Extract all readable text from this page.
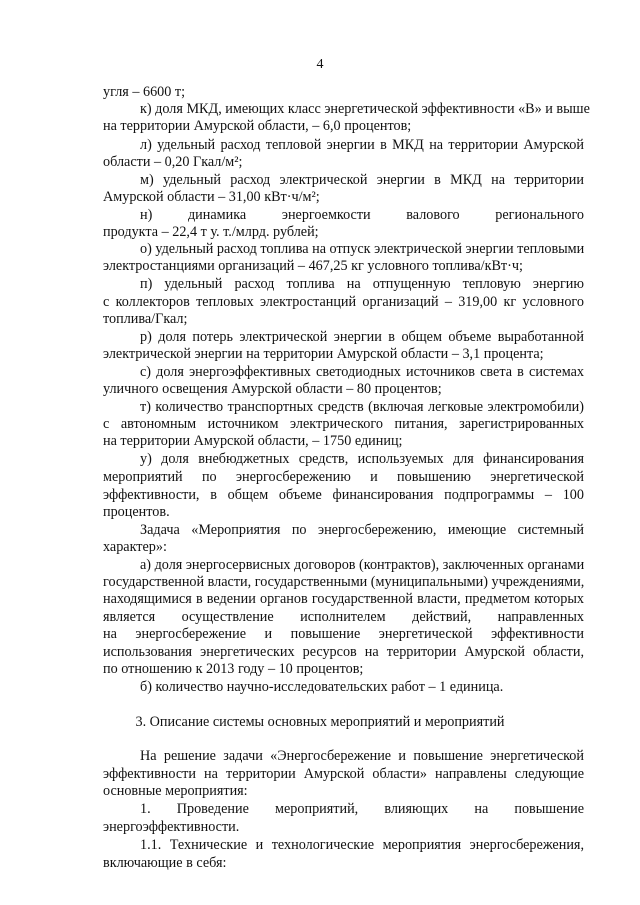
4
угля – 6600 т;
к) доля МКД, имеющих класс энергетической эффективности «В» и выше
на территории Амурской области, – 6,0 процентов;
л) удельный расход тепловой энергии в МКД на территории Амурской
области – 0,20 Гкал/м²;
м) удельный расход электрической энергии в МКД на территории
Амурской области – 31,00 кВт·ч/м²;
н) динамика энергоемкости валового регионального
продукта – 22,4 т у. т./млрд. рублей;
о) удельный расход топлива на отпуск электрической энергии тепловыми
электростанциями организаций – 467,25 кг условного топлива/кВт·ч;
п) удельный расход топлива на отпущенную тепловую энергию
с коллекторов тепловых электростанций организаций – 319,00 кг условного
топлива/Гкал;
р) доля потерь электрической энергии в общем объеме выработанной
электрической энергии на территории Амурской области – 3,1 процента;
с) доля энергоэффективных светодиодных источников света в системах
уличного освещения Амурской области – 80 процентов;
т) количество транспортных средств (включая легковые электромобили)
с автономным источником электрического питания, зарегистрированных
на территории Амурской области, – 1750 единиц;
у) доля внебюджетных средств, используемых для финансирования
мероприятий по энергосбережению и повышению энергетической
эффективности, в общем объеме финансирования подпрограммы – 100
процентов.
Задача «Мероприятия по энергосбережению, имеющие системный
характер»:
а) доля энергосервисных договоров (контрактов), заключенных органами
государственной власти, государственными (муниципальными) учреждениями,
находящимися в ведении органов государственной власти, предметом которых
является осуществление исполнителем действий, направленных
на энергосбережение и повышение энергетической эффективности
использования энергетических ресурсов на территории Амурской области,
по отношению к 2013 году – 10 процентов;
б) количество научно-исследовательских работ – 1 единица.
3. Описание системы основных мероприятий и мероприятий
На решение задачи «Энергосбережение и повышение энергетической
эффективности на территории Амурской области» направлены следующие
основные мероприятия:
1. Проведение мероприятий, влияющих на повышение
энергоэффективности.
1.1. Технические и технологические мероприятия энергосбережения,
включающие в себя:
